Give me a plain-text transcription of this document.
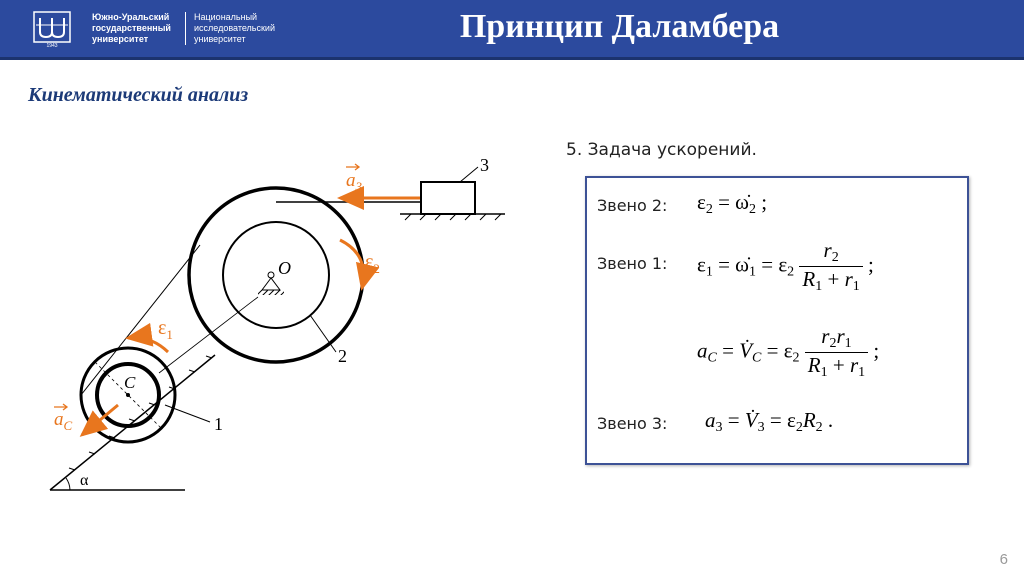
1943
Южно-Уральский
государственный
университет
Национальный
исследовательский
университет	Принцип Даламбера
Кинематический анализ
α
C
O
3
$a_3$
$\varepsilon_2$
$\varepsilon_1$
$a_C$
2
1
5. Задача ускорений.
Звено 2: $\varepsilon_2$ = $\omegȧ_2$ ;
Звено 1: $\varepsilon_1$ = $\omegȧ_1 = \varepsilon_2 \frac{r_2}{R_1 + r_1}$ ;
$a_C$ = $V̇_C = \varepsilon_2 \frac{r_2r_1}{R_1 + r_1}$ ;
Звено 3: $a_3$ = $V̇_3 = \varepsilon_2R_2$ .
6
